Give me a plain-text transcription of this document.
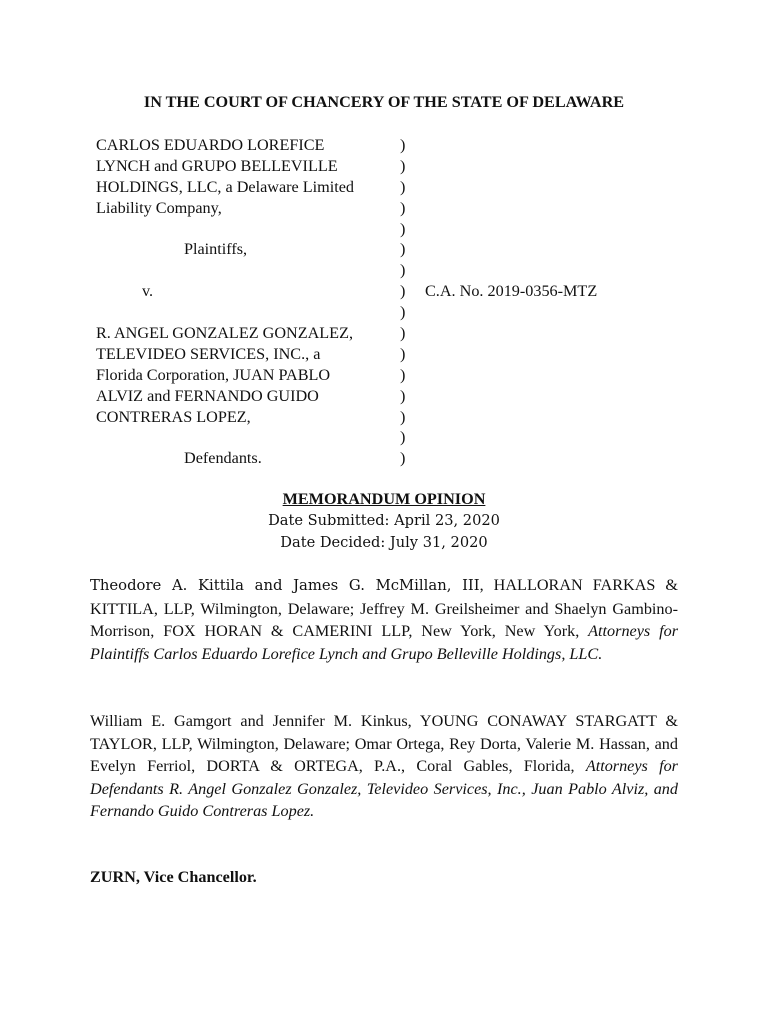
IN THE COURT OF CHANCERY OF THE STATE OF DELAWARE
CARLOS EDUARDO LOREFICE
LYNCH and GRUPO BELLEVILLE
HOLDINGS, LLC, a Delaware Limited
Liability Company,
Plaintiffs,
v.
R. ANGEL GONZALEZ GONZALEZ,
TELEVIDEO SERVICES, INC., a
Florida Corporation, JUAN PABLO
ALVIZ and FERNANDO GUIDO
CONTRERAS LOPEZ,
Defendants.
)
)
)
)
)
)
)
)
)
)
)
)
)
)
)
)
C.A. No. 2019-0356-MTZ
MEMORANDUM OPINION
Date Submitted: April 23, 2020
Date Decided: July 31, 2020
Theodore A. Kittila and James G. McMillan, III, HALLORAN FARKAS & KITTILA, LLP, Wilmington, Delaware; Jeffrey M. Greilsheimer and Shaelyn Gambino-Morrison, FOX HORAN & CAMERINI LLP, New York, New York, Attorneys for Plaintiffs Carlos Eduardo Lorefice Lynch and Grupo Belleville Holdings, LLC.
William E. Gamgort and Jennifer M. Kinkus, YOUNG CONAWAY STARGATT & TAYLOR, LLP, Wilmington, Delaware; Omar Ortega, Rey Dorta, Valerie M. Hassan, and Evelyn Ferriol, DORTA & ORTEGA, P.A., Coral Gables, Florida, Attorneys for Defendants R. Angel Gonzalez Gonzalez, Televideo Services, Inc., Juan Pablo Alviz, and Fernando Guido Contreras Lopez.
ZURN, Vice Chancellor.
